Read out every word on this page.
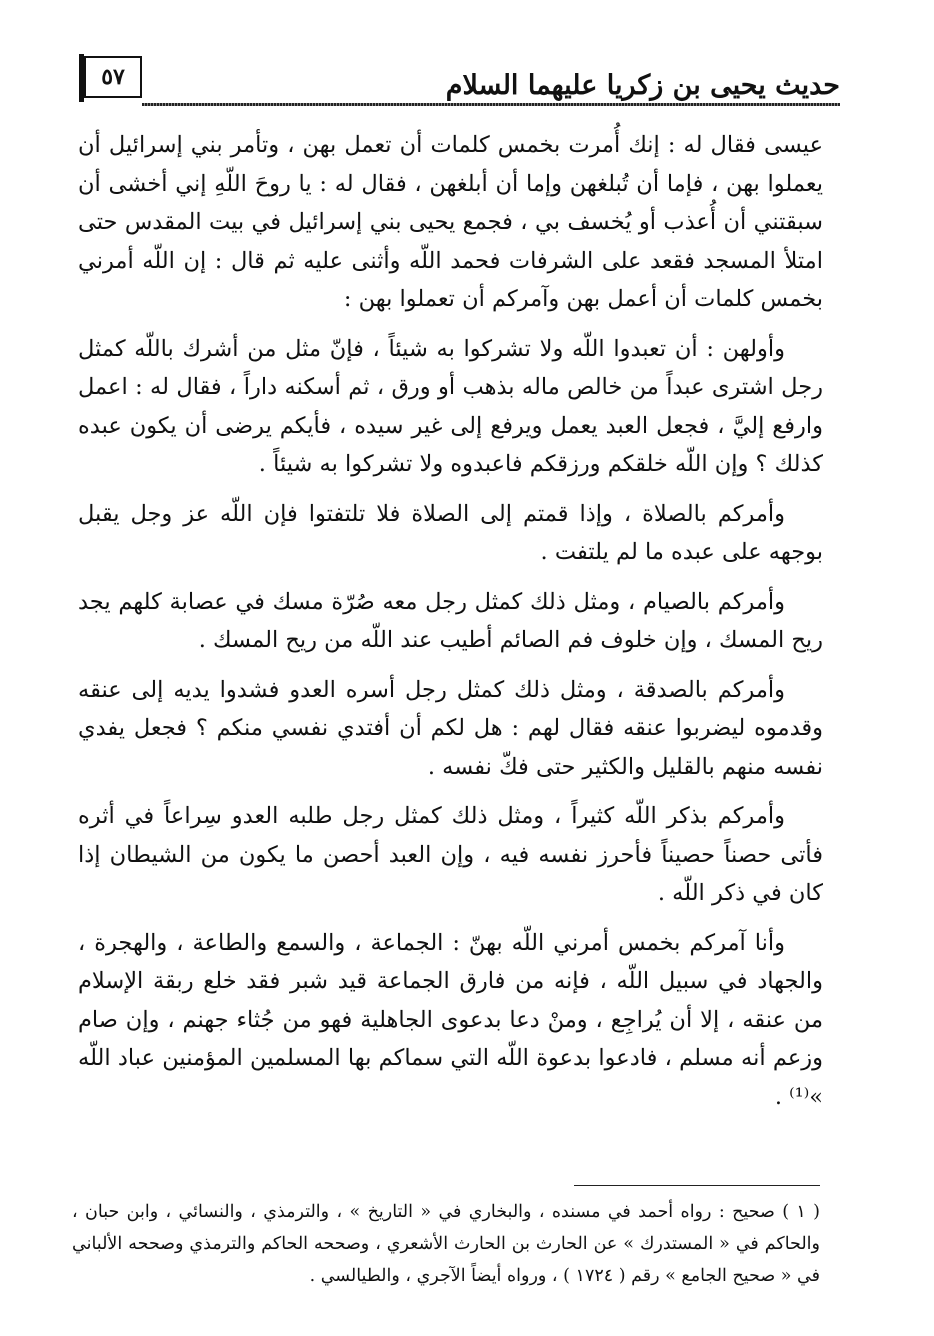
حديث يحيى بن زكريا عليهما السلام
٥٧

عيسى فقال له : إنك أُمرت بخمس كلمات أن تعمل بهن ، وتأمر بني إسرائيل أن يعملوا بهن ، فإما أن تُبلغهن وإما أن أبلغهن ، فقال له : يا روحَ اللّهِ إني أخشى أن سبقتني أن أُعذب أو يُخسف بي ، فجمع يحيى بني إسرائيل في بيت المقدس حتى امتلأ المسجد فقعد على الشرفات فحمد اللّه وأثنى عليه ثم قال : إن اللّه أمرني بخمس كلمات أن أعمل بهن وآمركم أن تعملوا بهن :

وأولهن : أن تعبدوا اللّه ولا تشركوا به شيئاً ، فإنّ مثل من أشرك باللّه كمثل رجل اشترى عبداً من خالص ماله بذهب أو ورق ، ثم أسكنه داراً ، فقال له : اعمل وارفع إليَّ ، فجعل العبد يعمل ويرفع إلى غير سيده ، فأيكم يرضى أن يكون عبده كذلك ؟ وإن اللّه خلقكم ورزقكم فاعبدوه ولا تشركوا به شيئاً .

وأمركم بالصلاة ، وإذا قمتم إلى الصلاة فلا تلتفتوا فإن اللّه عز وجل يقبل بوجهه على عبده ما لم يلتفت .

وأمركم بالصيام ، ومثل ذلك كمثل رجل معه صُرّة مسك في عصابة كلهم يجد ريح المسك ، وإن خلوف فم الصائم أطيب عند اللّه من ريح المسك .

وأمركم بالصدقة ، ومثل ذلك كمثل رجل أسره العدو فشدوا يديه إلى عنقه وقدموه ليضربوا عنقه فقال لهم : هل لكم أن أفتدي نفسي منكم ؟ فجعل يفدي نفسه منهم بالقليل والكثير حتى فكّ نفسه .

وأمركم بذكر اللّه كثيراً ، ومثل ذلك كمثل رجل طلبه العدو سِراعاً في أثره فأتى حصناً حصيناً فأحرز نفسه فيه ، وإن العبد أحصن ما يكون من الشيطان إذا كان في ذكر اللّه .

وأنا آمركم بخمس أمرني اللّه بهنّ : الجماعة ، والسمع والطاعة ، والهجرة ، والجهاد في سبيل اللّه ، فإنه من فارق الجماعة قيد شبر فقد خلع ربقة الإسلام من عنقه ، إلا أن يُراجِع ، ومنْ دعا بدعوى الجاهلية فهو من جُثاء جهنم ، وإن صام وزعم أنه مسلم ، فادعوا بدعوة اللّه التي سماكم بها المسلمين المؤمنين عباد اللّه »⁽¹⁾ .

( ١ ) صحيح : رواه أحمد في مسنده ، والبخاري في « التاريخ » ، والترمذي ، والنسائي ، وابن حبان ، والحاكم في « المستدرك » عن الحارث بن الحارث الأشعري ، وصححه الحاكم والترمذي وصححه الألباني في « صحيح الجامع » رقم ( ١٧٢٤ ) ، ورواه أيضاً الآجري ، والطيالسي .
